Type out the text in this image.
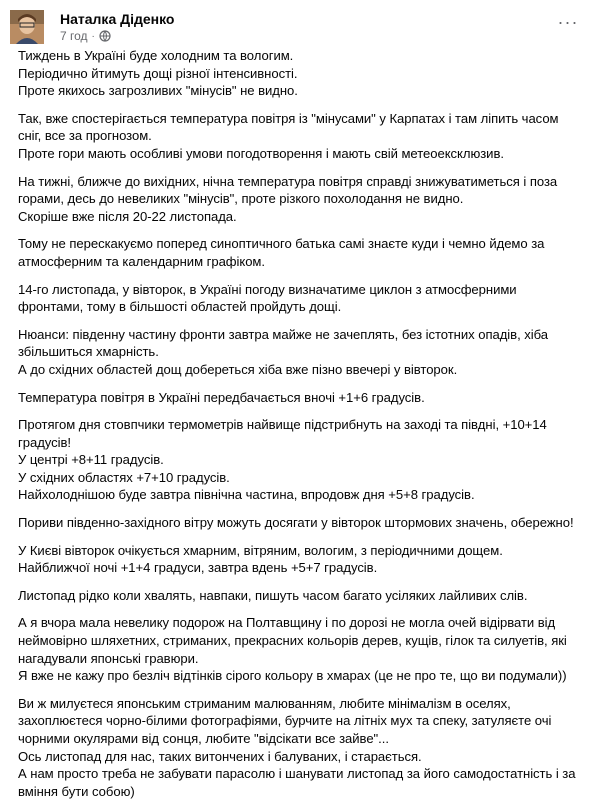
Наталка Діденко
7 год ·
···
Тиждень в Україні буде холодним та вологим.
Періодично йтимуть дощі різної інтенсивності.
Проте якихось загрозливих "мінусів" не видно.
Так, вже спостерігається температура повітря із "мінусами" у Карпатах і там ліпить часом
сніг, все за прогнозом.
Проте гори мають особливі умови погодотворення і мають свій метеоексклюзив.
На тижні, ближче до вихідних, нічна температура повітря справді знижуватиметься і поза
горами, десь до невеликих "мінусів", проте різкого похолодання не видно.
Скоріше вже після 20-22 листопада.
Тому не перескакуємо поперед синоптичного батька самі знаєте куди і чемно йдемо за
атмосферним та календарним графіком.
14-го листопада, у вівторок, в Україні погоду визначатиме циклон з атмосферними
фронтами, тому в більшості областей пройдуть дощі.
Нюанси: південну частину фронти завтра майже не зачеплять, без істотних опадів, хіба
збільшиться хмарність.
А до східних областей дощ добереться хіба вже пізно ввечері у вівторок.
Температура повітря в Україні передбачається вночі +1+6 градусів.
Протягом дня стовпчики термометрів найвище підстрибнуть на заході та півдні, +10+14
градусів!
У центрі +8+11 градусів.
У східних областях +7+10 градусів.
Найхолоднішою буде завтра північна частина, впродовж дня +5+8 градусів.
Пориви південно-західного вітру можуть досягати у вівторок штормових значень, обережно!
У Києві вівторок очікується хмарним, вітряним, вологим, з періодичними дощем.
Найближчої ночі +1+4 градуси, завтра вдень +5+7 градусів.
Листопад рідко коли хвалять, навпаки, пишуть часом багато усіляких лайливих слів.
А я вчора мала невелику подорож на Полтавщину і по дорозі не могла очей відірвати від
неймовірно шляхетних, стриманих, прекрасних кольорів дерев, кущів, гілок та силуетів, які
нагадували японські гравюри.
Я вже не кажу про безліч відтінків сірого кольору в хмарах (це не про те, що ви подумали))
Ви ж милуєтеся японським стриманим малюванням, любите мінімалізм в оселях,
захоплюєтеся чорно-білими фотографіями, бурчите на літніх мух та спеку, затуляєте очі
чорними окулярами від сонця, любите "відсікати все зайве"...
Ось листопад для нас, таких витончених і балуваних, і старається.
А нам просто треба не забувати парасолю і шанувати листопад за його самодостатність і за
вміння бути собою)
